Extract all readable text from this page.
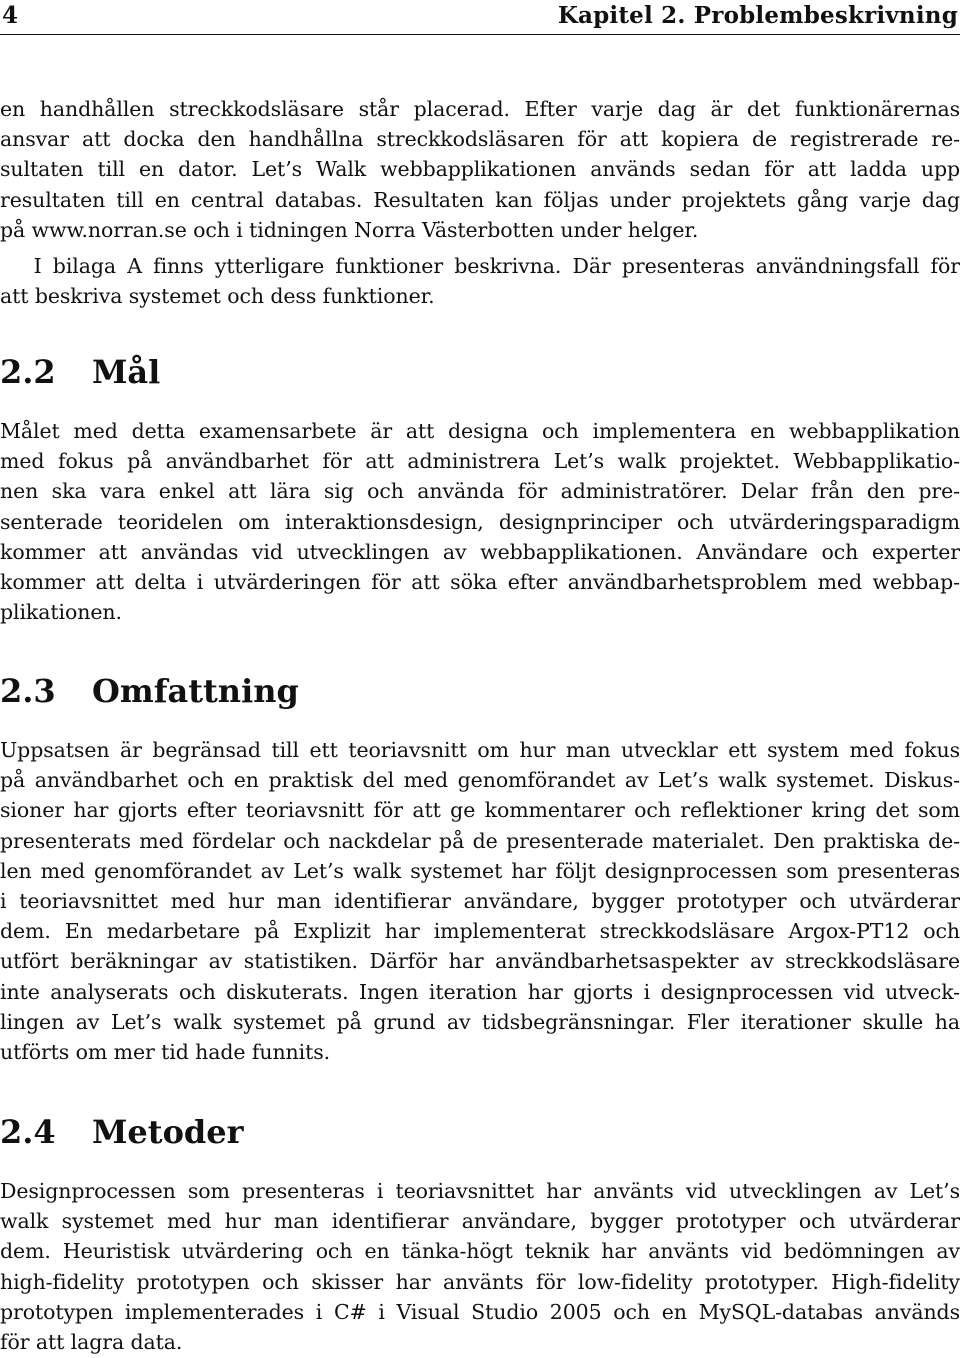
4	Kapitel 2. Problembeskrivning
en handhållen streckkodsläsare står placerad. Efter varje dag är det funktionärernas
ansvar att docka den handhållna streckkodsläsaren för att kopiera de registrerade re-
sultaten till en dator. Let’s Walk webbapplikationen används sedan för att ladda upp
resultaten till en central databas. Resultaten kan följas under projektets gång varje dag
på www.norran.se och i tidningen Norra Västerbotten under helger.
I bilaga A finns ytterligare funktioner beskrivna. Där presenteras användningsfall för
att beskriva systemet och dess funktioner.
2.2 Mål
Målet med detta examensarbete är att designa och implementera en webbapplikation
med fokus på användbarhet för att administrera Let’s walk projektet. Webbapplikatio-
nen ska vara enkel att lära sig och använda för administratörer. Delar från den pre-
senterade teoridelen om interaktionsdesign, designprinciper och utvärderingsparadigm
kommer att användas vid utvecklingen av webbapplikationen. Användare och experter
kommer att delta i utvärderingen för att söka efter användbarhetsproblem med webbap-
plikationen.
2.3 Omfattning
Uppsatsen är begränsad till ett teoriavsnitt om hur man utvecklar ett system med fokus
på användbarhet och en praktisk del med genomförandet av Let’s walk systemet. Diskus-
sioner har gjorts efter teoriavsnitt för att ge kommentarer och reflektioner kring det som
presenterats med fördelar och nackdelar på de presenterade materialet. Den praktiska de-
len med genomförandet av Let’s walk systemet har följt designprocessen som presenteras
i teoriavsnittet med hur man identifierar användare, bygger prototyper och utvärderar
dem. En medarbetare på Explizit har implementerat streckkodsläsare Argox-PT12 och
utfört beräkningar av statistiken. Därför har användbarhetsaspekter av streckkodsläsare
inte analyserats och diskuterats. Ingen iteration har gjorts i designprocessen vid utveck-
lingen av Let’s walk systemet på grund av tidsbegränsningar. Fler iterationer skulle ha
utförts om mer tid hade funnits.
2.4 Metoder
Designprocessen som presenteras i teoriavsnittet har använts vid utvecklingen av Let’s
walk systemet med hur man identifierar användare, bygger prototyper och utvärderar
dem. Heuristisk utvärdering och en tänka-högt teknik har använts vid bedömningen av
high-fidelity prototypen och skisser har använts för low-fidelity prototyper. High-fidelity
prototypen implementerades i C# i Visual Studio 2005 och en MySQL-databas används
för att lagra data.
